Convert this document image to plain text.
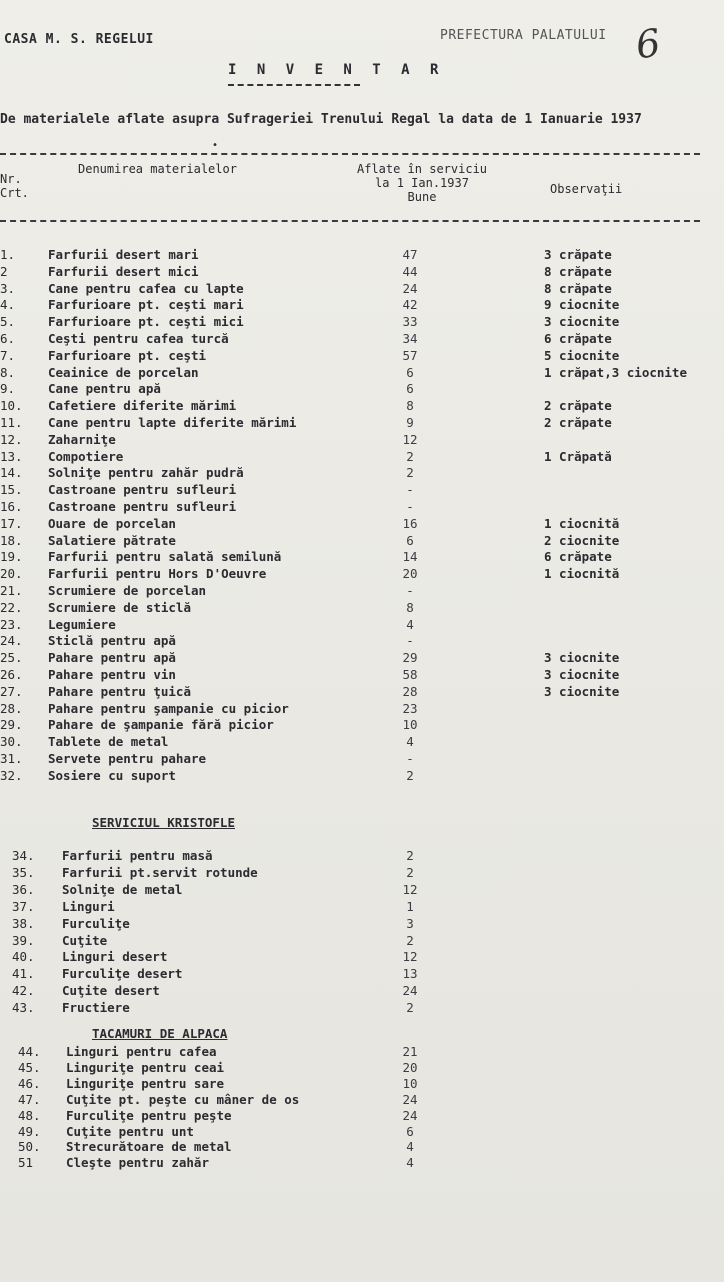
CASA M. S. REGELUI	PREFECTURA PALATULUI 6
I N V E N T A R
De materialele aflate asupra Sufrageriei Trenului Regal la data de 1 Ianuarie 1937
•
Nr.
Crt.
Denumirea materialelor	Aflate în serviciu
la 1 Ian.1937
Bune
Observaţii
1.	Farfurii desert mari	47	3 crăpate
2	Farfurii desert mici	44	8 crăpate
3.	Cane pentru cafea cu lapte	24	8 crăpate
4.	Farfurioare pt. ceşti mari	42	9 ciocnite
5.	Farfurioare pt. ceşti mici	33	3 ciocnite
6.	Ceşti pentru cafea turcă	34	6 crăpate
7.	Farfurioare pt. ceşti	57	5 ciocnite
8.	Ceainice de porcelan	6	1 crăpat,3 ciocnite
9.	Cane pentru apă	6
10.	Cafetiere diferite mărimi	8	2 crăpate
11.	Cane pentru lapte diferite mărimi	9	2 crăpate
12.	Zaharniţe	12
13.	Compotiere	2	1 Crăpată
14.	Solniţe pentru zahăr pudră	2
15.	Castroane pentru sufleuri	-
16.	Castroane pentru sufleuri	-
17.	Ouare de porcelan	16	1 ciocnită
18.	Salatiere pătrate	6	2 ciocnite
19.	Farfurii pentru salată semilună	14	6 crăpate
20.	Farfurii pentru Hors D'Oeuvre	20	1 ciocnită
21.	Scrumiere de porcelan	-
22.	Scrumiere de sticlă	8
23.	Legumiere	4
24.	Sticlă pentru apă	-
25.	Pahare pentru apă	29	3 ciocnite
26.	Pahare pentru vin	58	3 ciocnite
27.	Pahare pentru ţuică	28	3 ciocnite
28.	Pahare pentru şampanie cu picior	23
29.	Pahare de şampanie fără picior	10
30.	Tablete de metal	4
31.	Servete pentru pahare	-
32.	Sosiere cu suport	2
SERVICIUL KRISTOFLE
34.	Farfurii pentru masă	2
35.	Farfurii pt.servit rotunde	2
36.	Solniţe de metal	12
37.	Linguri	1
38.	Furculiţe	3
39.	Cuţite	2
40.	Linguri desert	12
41.	Furculiţe desert	13
42.	Cuţite desert	24
43.	Fructiere	2
TACAMURI DE ALPACA
44.	Linguri pentru cafea	21
45.	Linguriţe pentru ceai	20
46.	Linguriţe pentru sare	10
47.	Cuţite pt. peşte cu mâner de os	24
48.	Furculiţe pentru peşte	24
49.	Cuţite pentru unt	6
50.	Strecurătoare de metal	4
51	Cleşte pentru zahăr	4
